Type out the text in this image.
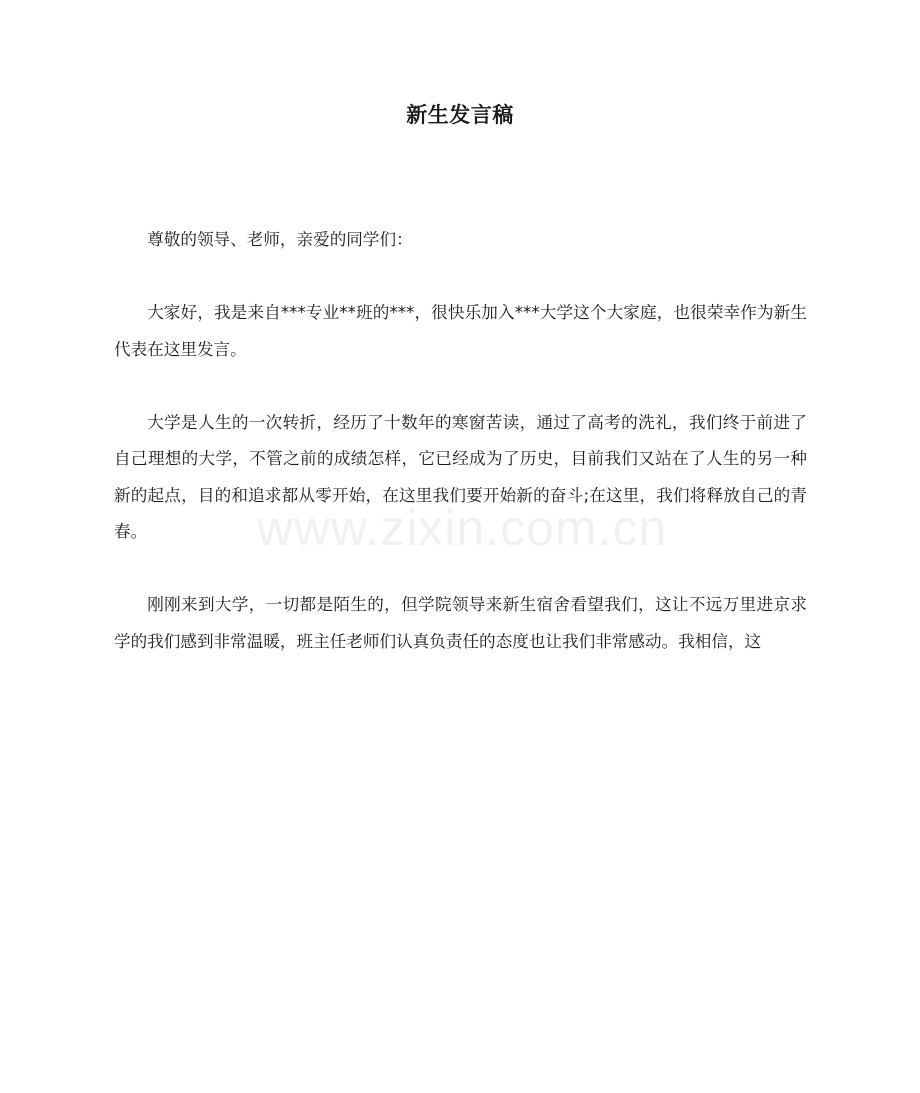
www.zixin.com.cn
新生发言稿

尊敬的领导、老师，亲爱的同学们：

大家好，我是来自***专业**班的***，很快乐加入***大学这个大家庭，也很荣幸作为新生代表在这里发言。

大学是人生的一次转折，经历了十数年的寒窗苦读，通过了高考的洗礼，我们终于前进了自己理想的大学，不管之前的成绩怎样，它已经成为了历史，目前我们又站在了人生的另一种新的起点，目的和追求都从零开始，在这里我们要开始新的奋斗;在这里，我们将释放自己的青春。

刚刚来到大学，一切都是陌生的，但学院领导来新生宿舍看望我们，这让不远万里进京求学的我们感到非常温暖，班主任老师们认真负责任的态度也让我们非常感动。我相信，这
